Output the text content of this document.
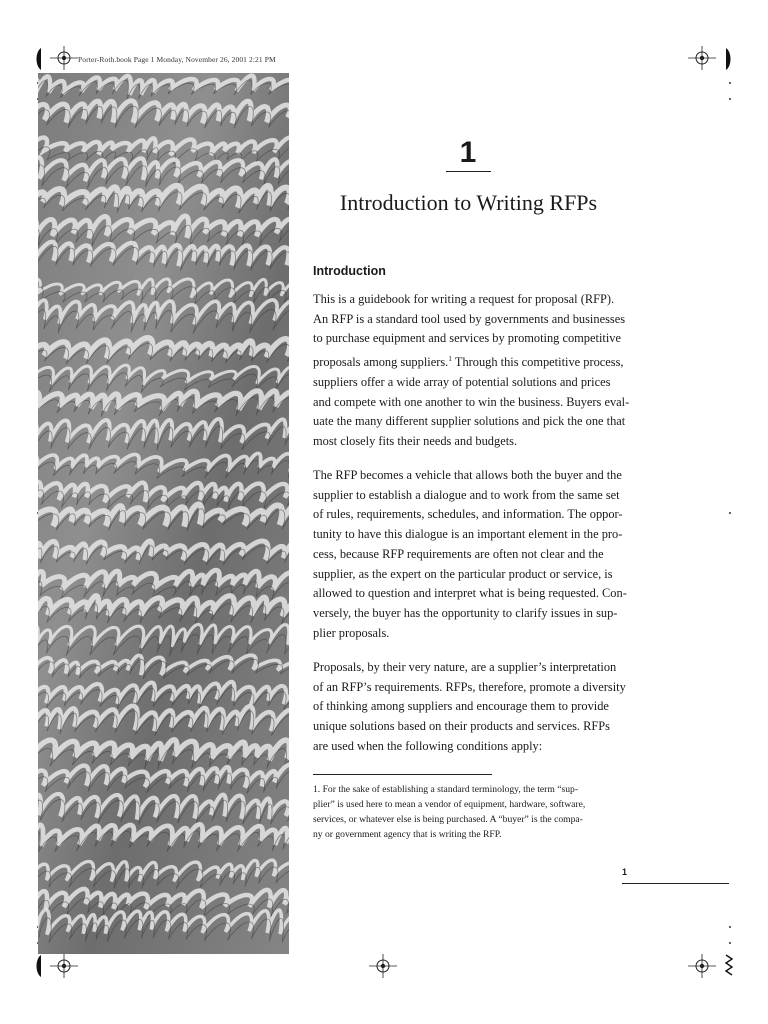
Porter-Roth.book Page 1 Monday, November 26, 2001 2:21 PM
1
Introduction to Writing RFPs
Introduction

This is a guidebook for writing a request for proposal (RFP).
An RFP is a standard tool used by governments and businesses
to purchase equipment and services by promoting competitive
proposals among suppliers.$^1$ Through this competitive process,
suppliers offer a wide array of potential solutions and prices
and compete with one another to win the business. Buyers eval-
uate the many different supplier solutions and pick the one that
most closely fits their needs and budgets.

The RFP becomes a vehicle that allows both the buyer and the
supplier to establish a dialogue and to work from the same set
of rules, requirements, schedules, and information. The oppor-
tunity to have this dialogue is an important element in the pro-
cess, because RFP requirements are often not clear and the
supplier, as the expert on the particular product or service, is
allowed to question and interpret what is being requested. Con-
versely, the buyer has the opportunity to clarify issues in sup-
plier proposals.

Proposals, by their very nature, are a supplier’s interpretation
of an RFP’s requirements. RFPs, therefore, promote a diversity
of thinking among suppliers and encourage them to provide
unique solutions based on their products and services. RFPs
are used when the following conditions apply:

1. For the sake of establishing a standard terminology, the term “sup-
plier” is used here to mean a vendor of equipment, hardware, software,
services, or whatever else is being purchased. A “buyer” is the compa-
ny or government agency that is writing the RFP.

1
